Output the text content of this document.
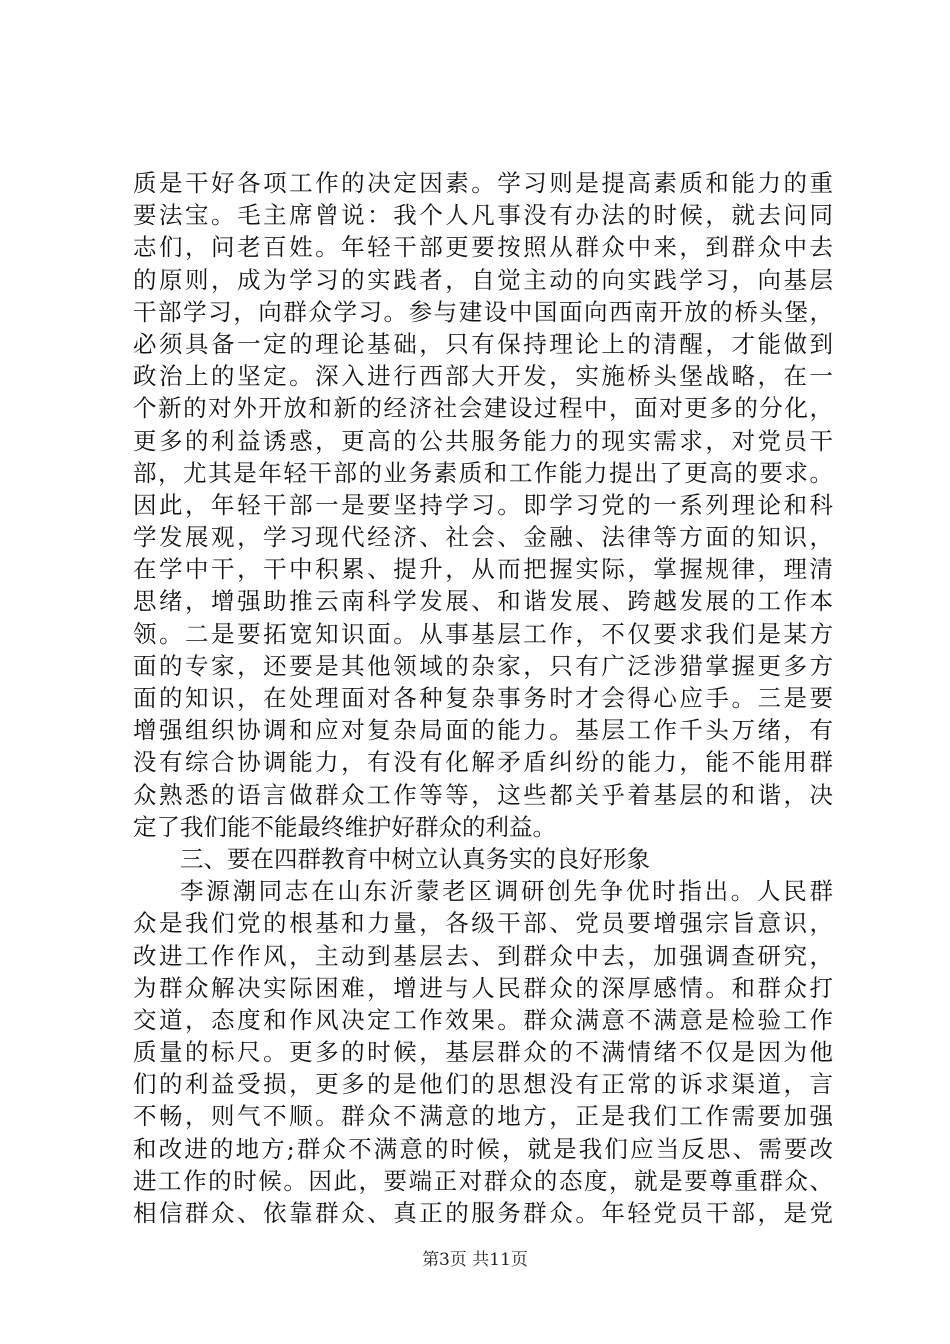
质是干好各项工作的决定因素。学习则是提高素质和能力的重
要法宝。毛主席曾说：我个人凡事没有办法的时候，就去问同
志们，问老百姓。年轻干部更要按照从群众中来，到群众中去
的原则，成为学习的实践者，自觉主动的向实践学习，向基层
干部学习，向群众学习。参与建设中国面向西南开放的桥头堡，
必须具备一定的理论基础，只有保持理论上的清醒，才能做到
政治上的坚定。深入进行西部大开发，实施桥头堡战略，在一
个新的对外开放和新的经济社会建设过程中，面对更多的分化，
更多的利益诱惑，更高的公共服务能力的现实需求，对党员干
部，尤其是年轻干部的业务素质和工作能力提出了更高的要求。
因此，年轻干部一是要坚持学习。即学习党的一系列理论和科
学发展观，学习现代经济、社会、金融、法律等方面的知识，
在学中干，干中积累、提升，从而把握实际，掌握规律，理清
思绪，增强助推云南科学发展、和谐发展、跨越发展的工作本
领。二是要拓宽知识面。从事基层工作，不仅要求我们是某方
面的专家，还要是其他领域的杂家，只有广泛涉猎掌握更多方
面的知识，在处理面对各种复杂事务时才会得心应手。三是要
增强组织协调和应对复杂局面的能力。基层工作千头万绪，有
没有综合协调能力，有没有化解矛盾纠纷的能力，能不能用群
众熟悉的语言做群众工作等等，这些都关乎着基层的和谐，决
定了我们能不能最终维护好群众的利益。
三、要在四群教育中树立认真务实的良好形象
李源潮同志在山东沂蒙老区调研创先争优时指出。人民群
众是我们党的根基和力量，各级干部、党员要增强宗旨意识，
改进工作作风，主动到基层去、到群众中去，加强调查研究，
为群众解决实际困难，增进与人民群众的深厚感情。和群众打
交道，态度和作风决定工作效果。群众满意不满意是检验工作
质量的标尺。更多的时候，基层群众的不满情绪不仅是因为他
们的利益受损，更多的是他们的思想没有正常的诉求渠道，言
不畅，则气不顺。群众不满意的地方，正是我们工作需要加强
和改进的地方;群众不满意的时候，就是我们应当反思、需要改
进工作的时候。因此，要端正对群众的态度，就是要尊重群众、
相信群众、依靠群众、真正的服务群众。年轻党员干部，是党
第3页 共11页
